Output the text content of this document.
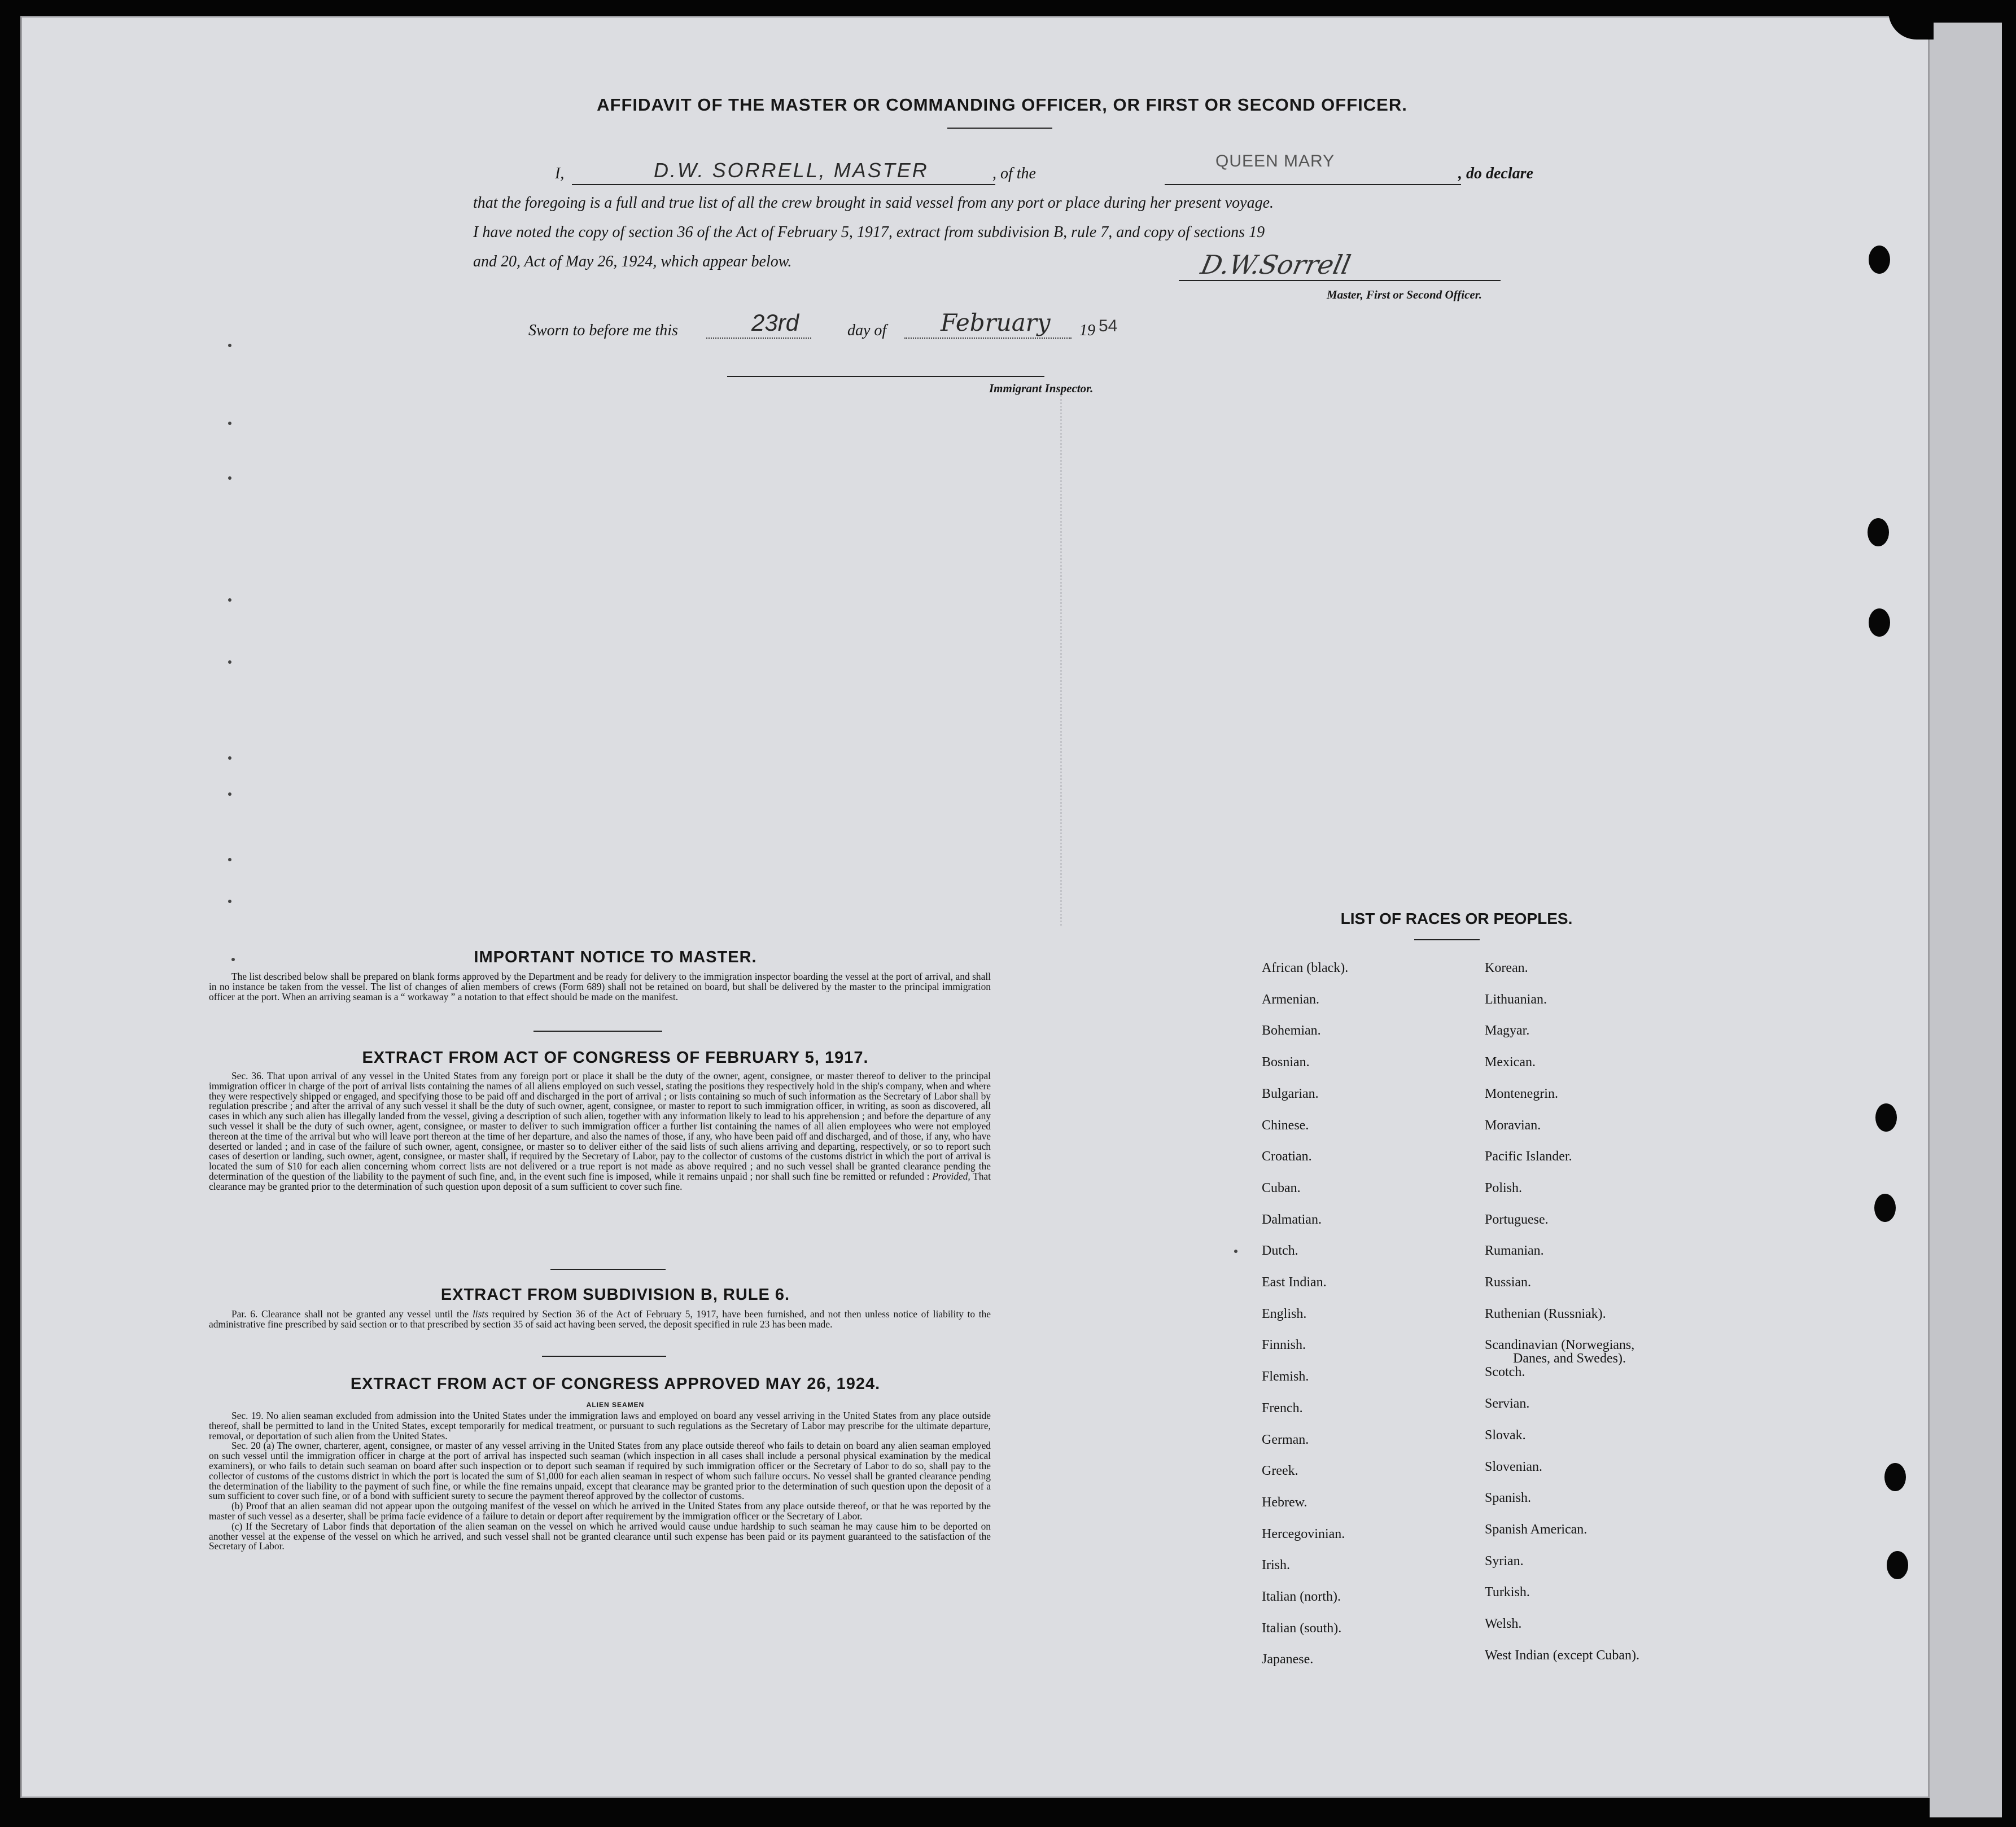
AFFIDAVIT OF THE MASTER OR COMMANDING OFFICER, OR FIRST OR SECOND OFFICER.
I,	D.W. SORRELL, MASTER	, of the
QUEEN MARY
, do declare
that the foregoing is a full and true list of all the crew brought in said vessel from any port or place during her present voyage.
I have noted the copy of section 36 of the Act of February 5, 1917, extract from subdivision B, rule 7, and copy of sections 19
and 20, Act of May 26, 1924, which appear below.	D.W.Sorrell
Master, First or Second Officer.
Sworn to before me this	23rd	day of February 19 54
Immigrant Inspector.
IMPORTANT NOTICE TO MASTER.

The list described below shall be prepared on blank forms approved by the Department and be ready for delivery to the immigration inspector boarding the vessel at the port of arrival, and shall in no instance be taken from the vessel. The list of changes of alien members of crews (Form 689) shall not be retained on board, but shall be delivered by the master to the principal immigration officer at the port. When an arriving seaman is a “ workaway ” a notation to that effect should be made on the manifest.

EXTRACT FROM ACT OF CONGRESS OF FEBRUARY 5, 1917.

Sec. 36. That upon arrival of any vessel in the United States from any foreign port or place it shall be the duty of the owner, agent, consignee, or master thereof to deliver to the principal immigration officer in charge of the port of arrival lists containing the names of all aliens employed on such vessel, stating the positions they respectively hold in the ship's company, when and where they were respectively shipped or engaged, and specifying those to be paid off and discharged in the port of arrival ; or lists containing so much of such information as the Secretary of Labor shall by regulation prescribe ; and after the arrival of any such vessel it shall be the duty of such owner, agent, consignee, or master to report to such immigration officer, in writing, as soon as discovered, all cases in which any such alien has illegally landed from the vessel, giving a description of such alien, together with any information likely to lead to his apprehension ; and before the departure of any such vessel it shall be the duty of such owner, agent, consignee, or master to deliver to such immigration officer a further list containing the names of all alien employees who were not employed thereon at the time of the arrival but who will leave port thereon at the time of her departure, and also the names of those, if any, who have been paid off and discharged, and of those, if any, who have deserted or landed ; and in case of the failure of such owner, agent, consignee, or master so to deliver either of the said lists of such aliens arriving and departing, respectively, or so to report such cases of desertion or landing, such owner, agent, consignee, or master shall, if required by the Secretary of Labor, pay to the collector of customs of the customs district in which the port of arrival is located the sum of $10 for each alien concerning whom correct lists are not delivered or a true report is not made as above required ; and no such vessel shall be granted clearance pending the determination of the question of the liability to the payment of such fine, and, in the event such fine is imposed, while it remains unpaid ; nor shall such fine be remitted or refunded : Provided, That clearance may be granted prior to the determination of such question upon deposit of a sum sufficient to cover such fine.

EXTRACT FROM SUBDIVISION B, RULE 6.

Par. 6. Clearance shall not be granted any vessel until the lists required by Section 36 of the Act of February 5, 1917, have been furnished, and not then unless notice of liability to the administrative fine prescribed by said section or to that prescribed by section 35 of said act having been served, the deposit specified in rule 23 has been made.

EXTRACT FROM ACT OF CONGRESS APPROVED MAY 26, 1924.
ALIEN SEAMEN

Sec. 19. No alien seaman excluded from admission into the United States under the immigration laws and employed on board any vessel arriving in the United States from any place outside thereof, shall be permitted to land in the United States, except temporarily for medical treatment, or pursuant to such regulations as the Secretary of Labor may prescribe for the ultimate departure, removal, or deportation of such alien from the United States.

Sec. 20 (a) The owner, charterer, agent, consignee, or master of any vessel arriving in the United States from any place outside thereof who fails to detain on board any alien seaman employed on such vessel until the immigration officer in charge at the port of arrival has inspected such seaman (which inspection in all cases shall include a personal physical examination by the medical examiners), or who fails to detain such seaman on board after such inspection or to deport such seaman if required by such immigration officer or the Secretary of Labor to do so, shall pay to the collector of customs of the customs district in which the port is located the sum of $1,000 for each alien seaman in respect of whom such failure occurs. No vessel shall be granted clearance pending the determination of the liability to the payment of such fine, or while the fine remains unpaid, except that clearance may be granted prior to the determination of such question upon the deposit of a sum sufficient to cover such fine, or of a bond with sufficient surety to secure the payment thereof approved by the collector of customs.

(b) Proof that an alien seaman did not appear upon the outgoing manifest of the vessel on which he arrived in the United States from any place outside thereof, or that he was reported by the master of such vessel as a deserter, shall be prima facie evidence of a failure to detain or deport after requirement by the immigration officer or the Secretary of Labor.

(c) If the Secretary of Labor finds that deportation of the alien seaman on the vessel on which he arrived would cause undue hardship to such seaman he may cause him to be deported on another vessel at the expense of the vessel on which he arrived, and such vessel shall not be granted clearance until such expense has been paid or its payment guaranteed to the satisfaction of the Secretary of Labor.

LIST OF RACES OR PEOPLES.
African (black).
Armenian.
Bohemian.
Bosnian.
Bulgarian.
Chinese.
Croatian.
Cuban.
Dalmatian.
Dutch.
East Indian.
English.
Finnish.
Flemish.
French.
German.
Greek.
Hebrew.
Hercegovinian.
Irish.
Italian (north).
Italian (south).
Japanese.
Korean.
Lithuanian.
Magyar.
Mexican.
Montenegrin.
Moravian.
Pacific Islander.
Polish.
Portuguese.
Rumanian.
Russian.
Ruthenian (Russniak).
Scandinavian (Norwegians,
Danes, and Swedes).
Scotch.
Servian.
Slovak.
Slovenian.
Spanish.
Spanish American.
Syrian.
Turkish.
Welsh.
West Indian (except Cuban).
